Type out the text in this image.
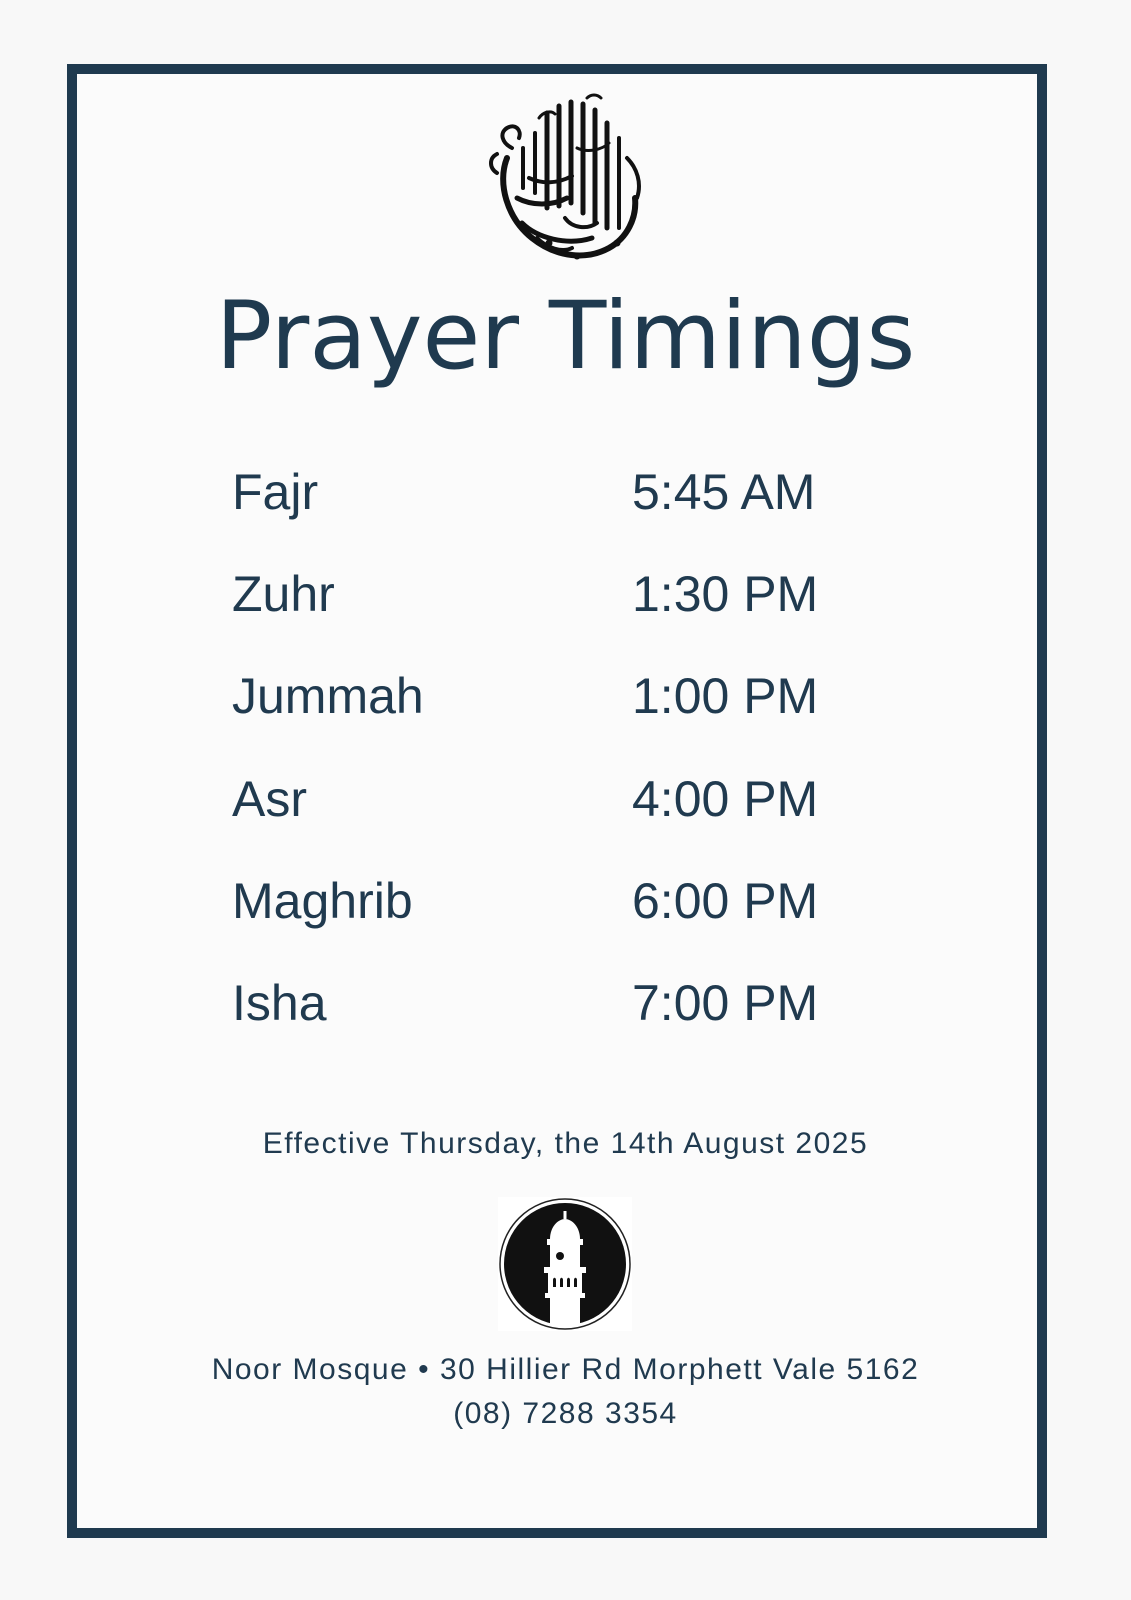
Prayer Timings
Fajr	5:45 AM
Zuhr	1:30 PM
Jummah	1:00 PM
Asr	4:00 PM
Maghrib	6:00 PM
Isha	7:00 PM
Effective Thursday, the 14th August 2025
Noor Mosque • 30 Hillier Rd Morphett Vale 5162
(08) 7288 3354
